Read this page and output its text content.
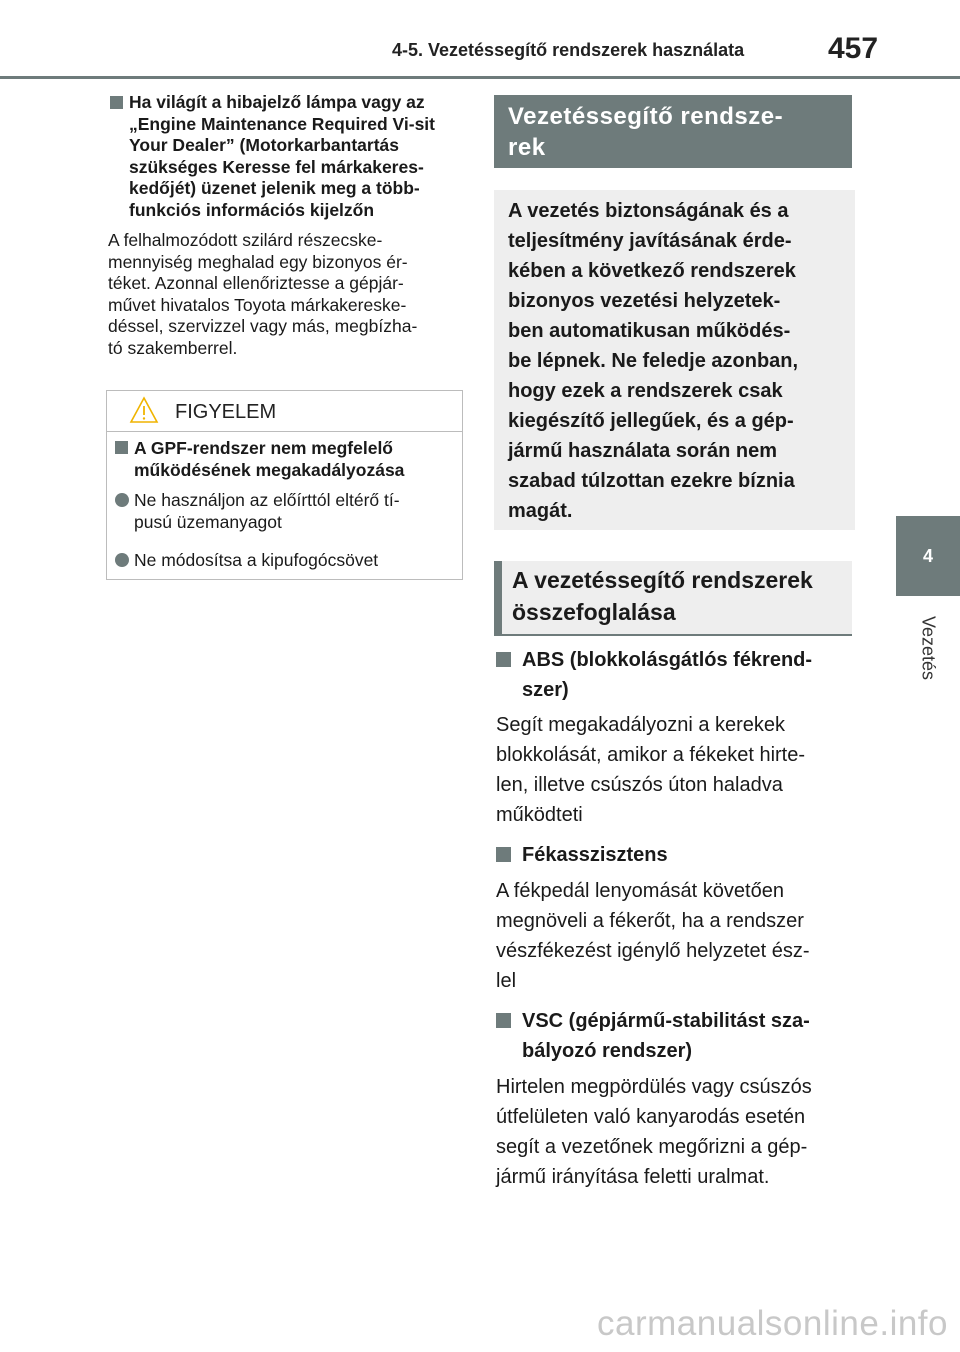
4-5. Vezetéssegítő rendszerek használata	457
4
Vezetés
Ha világít a hibajelző lámpa vagy az „Engine Maintenance Required Vi-sit Your Dealer” (Motorkarbantartás szükséges Keresse fel márkakeres-kedőjét) üzenet jelenik meg a több-funkciós információs kijelzőn
A felhalmozódott szilárd részecske-
mennyiség meghalad egy bizonyos ér-
téket. Azonnal ellenőriztesse a gépjár-
művet hivatalos Toyota márkakereske-
déssel, szervizzel vagy más, megbízha-
tó szakemberrel.
FIGYELEM
A GPF-rendszer nem megfelelő működésének megakadályozása
Ne használjon az előírttól eltérő tí-
pusú üzemanyagot
Ne módosítsa a kipufogócsövet
Vezetéssegítő rendsze-
rek
A vezetés biztonságának és a
teljesítmény javításának érde-
kében a következő rendszerek
bizonyos vezetési helyzetek-
ben automatikusan működés-
be lépnek. Ne feledje azonban,
hogy ezek a rendszerek csak
kiegészítő jellegűek, és a gép-
jármű használata során nem
szabad túlzottan ezekre bíznia
magát.
A vezetéssegítő rendszerek
összefoglalása
ABS (blokkolásgátlós fékrend-
szer)
Segít megakadályozni a kerekek
blokkolását, amikor a fékeket hirte-
len, illetve csúszós úton haladva
működteti
Fékasszisztens
A fékpedál lenyomását követően
megnöveli a fékerőt, ha a rendszer
vészfékezést igénylő helyzetet ész-
lel
VSC (gépjármű-stabilitást sza-
bályozó rendszer)
Hirtelen megpördülés vagy csúszós
útfelületen való kanyarodás esetén
segít a vezetőnek megőrizni a gép-
jármű irányítása feletti uralmat.
carmanualsonline.info
